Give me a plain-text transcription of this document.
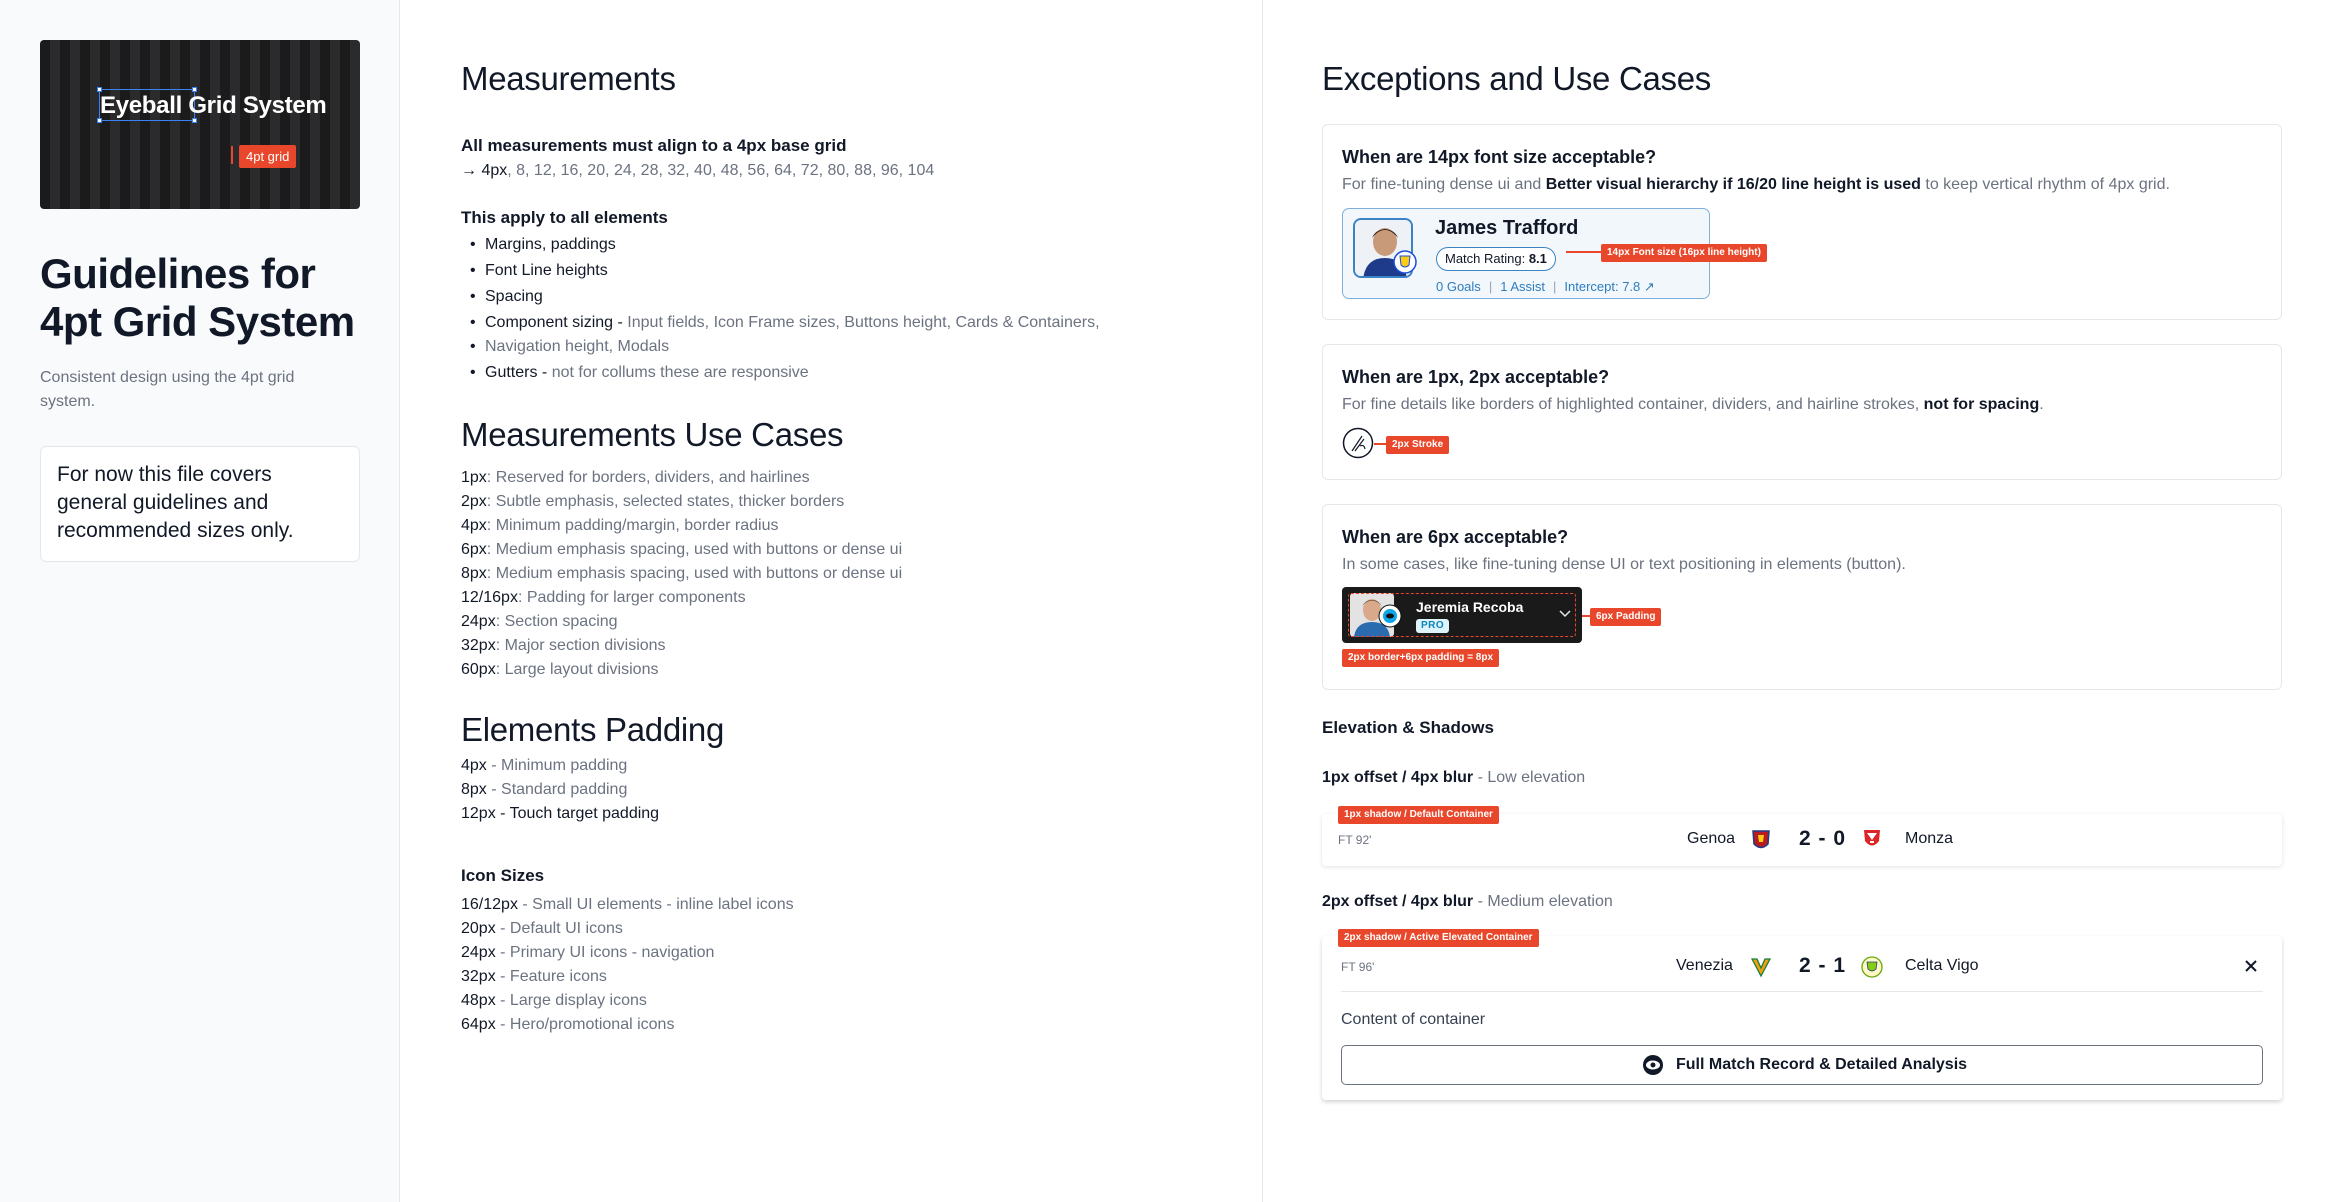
Eyeball Grid System
4pt grid
Guidelines for
4pt Grid System
Consistent design using the 4pt grid system.
For now this file covers general guidelines and recommended sizes only.
Measurements
All measurements must align to a 4px base grid
→ 4px, 8, 12, 16, 20, 24, 28, 32, 40, 48, 56, 64, 72, 80, 88, 96, 104
This apply to all elements
• Margins, paddings
• Font Line heights
• Spacing
• Component sizing - Input fields, Icon Frame sizes, Buttons height, Cards & Containers,
• Navigation height, Modals
• Gutters - not for collums these are responsive
Measurements Use Cases
1px: Reserved for borders, dividers, and hairlines
2px: Subtle emphasis, selected states, thicker borders
4px: Minimum padding/margin, border radius
6px: Medium emphasis spacing, used with buttons or dense ui
8px: Medium emphasis spacing, used with buttons or dense ui
12/16px: Padding for larger components
24px: Section spacing
32px: Major section divisions
60px: Large layout divisions
Elements Padding
4px - Minimum padding
8px - Standard padding
12px - Touch target padding
Icon Sizes
16/12px - Small UI elements - inline label icons
20px - Default UI icons
24px - Primary UI icons - navigation
32px - Feature icons
48px - Large display icons
64px - Hero/promotional icons
Exceptions and Use Cases
When are 14px font size acceptable?
For fine-tuning dense ui and Better visual hierarchy if 16/20 line height is used to keep vertical rhythm of 4px grid.
James Trafford
Match Rating: 8.1
0 Goals | 1 Assist | Intercept: 7.8 ↗
14px Font size (16px line height)
When are 1px, 2px acceptable?
For fine details like borders of highlighted container, dividers, and hairline strokes, not for spacing.
2px Stroke
When are 6px acceptable?
In some cases, like fine-tuning dense UI or text positioning in elements (button).
Jeremia Recoba
PRO
6px Padding
2px border+6px padding = 8px
Elevation & Shadows
1px offset / 4px blur - Low elevation
FT 92'	Genoa	2 - 0	Monza
1px shadow / Default Container
2px offset / 4px blur - Medium elevation
FT 96'	Venezia	2 - 1	Celta Vigo
Content of container
Full Match Record & Detailed Analysis
2px shadow / Active Elevated Container
